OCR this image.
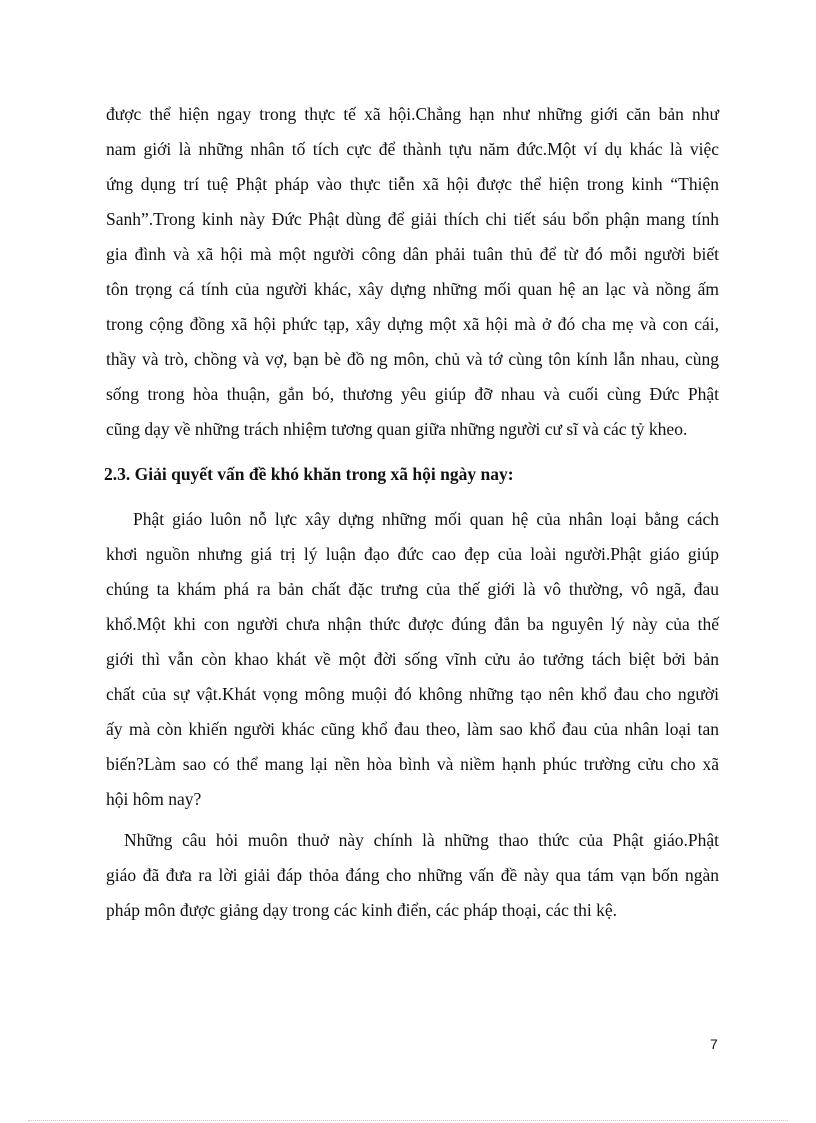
được thể hiện ngay trong thực tế xã hội.Chẳng hạn như những giới căn bản như
nam giới là những nhân tố tích cực để thành tựu năm đức.Một ví dụ khác là việc
ứng dụng trí tuệ Phật pháp vào thực tiễn xã hội được thể hiện trong kinh “Thiện
Sanh”.Trong kinh này Đức Phật dùng để giải thích chi tiết sáu bổn phận mang tính
gia đình và xã hội mà một người công dân phải tuân thủ để từ đó mỗi người biết
tôn trọng cá tính của người khác, xây dựng những mối quan hệ an lạc và nồng ấm
trong cộng đồng xã hội phức tạp, xây dựng một xã hội mà ở đó cha mẹ và con cái,
thầy và trò, chồng và vợ, bạn bè đồ ng môn, chủ và tớ cùng tôn kính lẫn nhau, cùng
sống trong hòa thuận, gắn bó, thương yêu giúp đỡ nhau và cuối cùng Đức Phật
cũng dạy về những trách nhiệm tương quan giữa những người cư sĩ và các tỷ kheo.
2.3. Giải quyết vấn đề khó khăn trong xã hội ngày nay:
Phật giáo luôn nỗ lực xây dựng những mối quan hệ của nhân loại bằng cách
khơi nguồn nhưng giá trị lý luận đạo đức cao đẹp của loài người.Phật giáo giúp
chúng ta khám phá ra bản chất đặc trưng của thế giới là vô thường, vô ngã, đau
khổ.Một khi con người chưa nhận thức được đúng đắn ba nguyên lý này của thế
giới thì vẫn còn khao khát về một đời sống vĩnh cửu ảo tưởng tách biệt bởi bản
chất của sự vật.Khát vọng mông muội đó không những tạo nên khổ đau cho người
ấy mà còn khiến người khác cũng khổ đau theo, làm sao khổ đau của nhân loại tan
biến?Làm sao có thể mang lại nền hòa bình và niềm hạnh phúc trường cửu cho xã
hội hôm nay?
Những câu hỏi muôn thuở này chính là những thao thức của Phật giáo.Phật
giáo đã đưa ra lời giải đáp thỏa đáng cho những vấn đề này qua tám vạn bốn ngàn
pháp môn được giảng dạy trong các kinh điển, các pháp thoại, các thi kệ.
7
